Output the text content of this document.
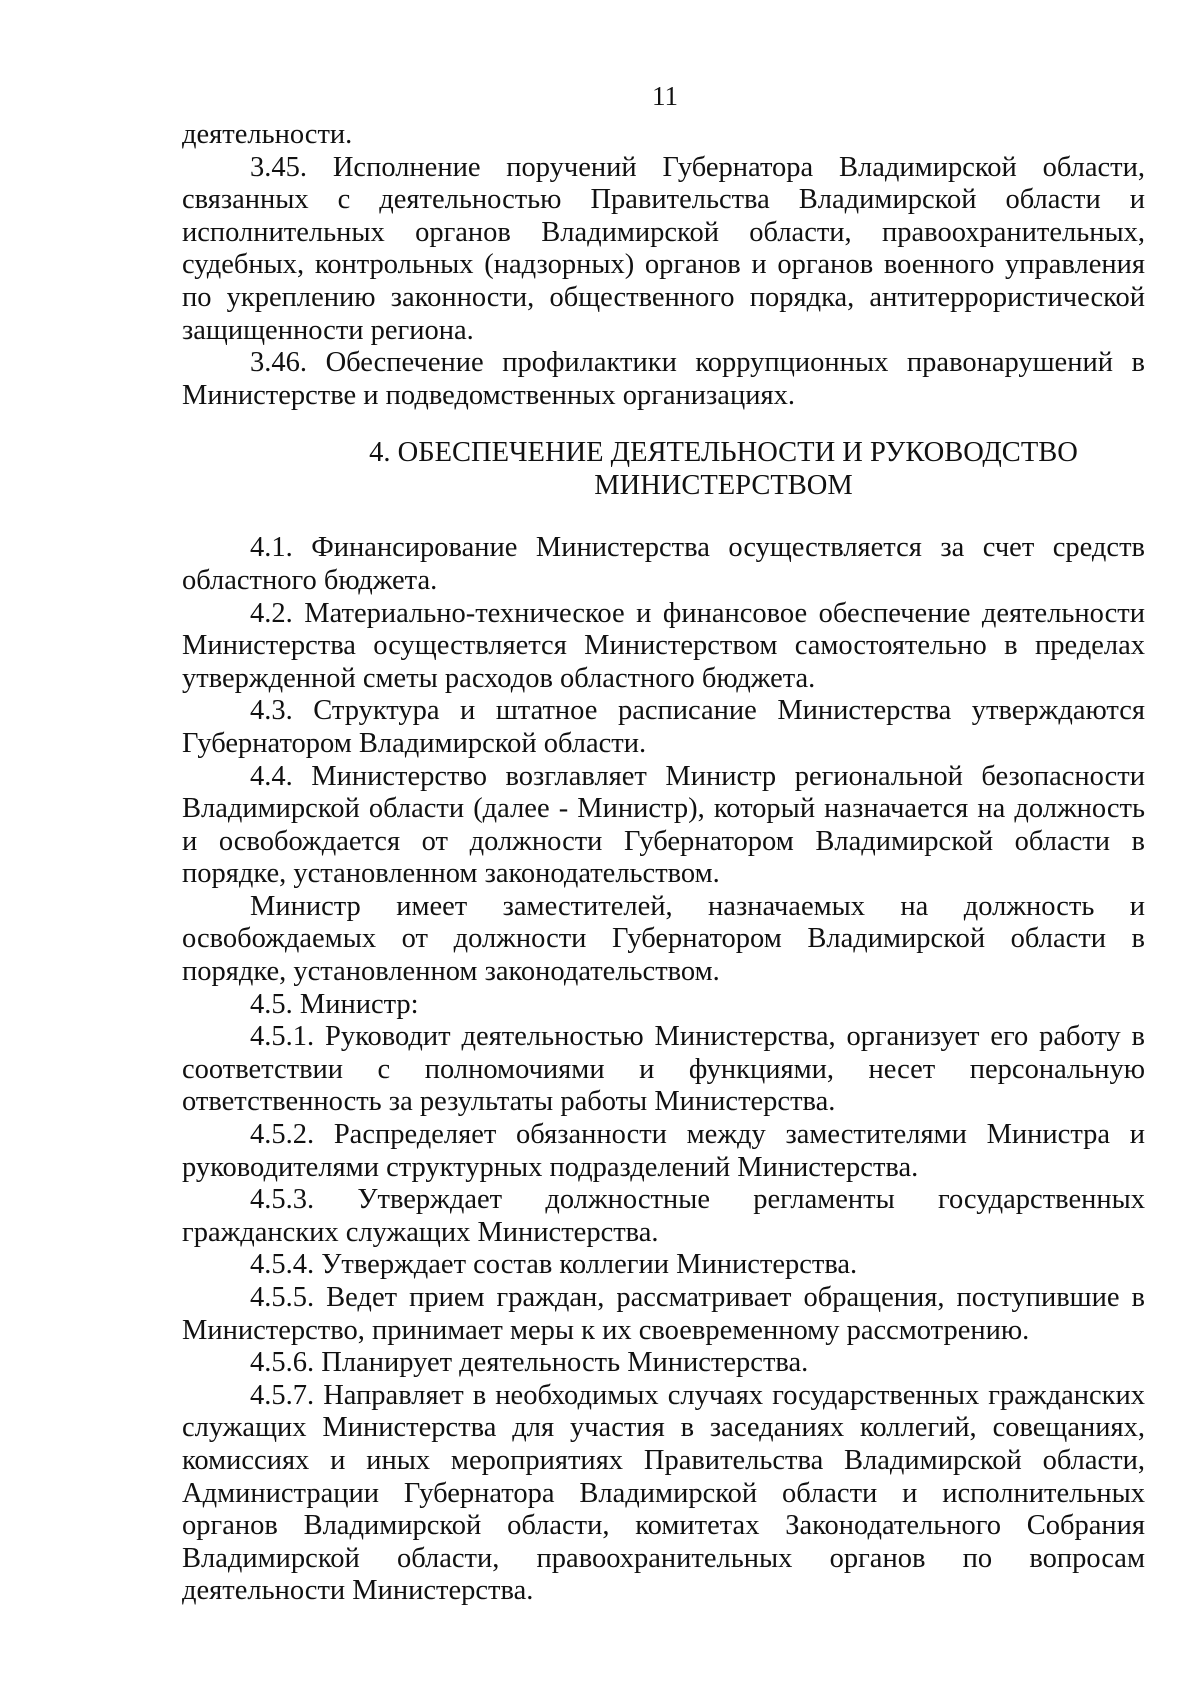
11

деятельности.

3.45. Исполнение поручений Губернатора Владимирской области, связанных с деятельностью Правительства Владимирской области и исполнительных органов Владимирской области, правоохранительных, судебных, контрольных (надзорных) органов и органов военного управления по укреплению законности, общественного порядка, антитеррористической защищенности региона.

3.46. Обеспечение профилактики коррупционных правонарушений в Министерстве и подведомственных организациях.

4. ОБЕСПЕЧЕНИЕ ДЕЯТЕЛЬНОСТИ И РУКОВОДСТВО

МИНИСТЕРСТВОМ

4.1. Финансирование Министерства осуществляется за счет средств областного бюджета.

4.2. Материально-техническое и финансовое обеспечение деятельности Министерства осуществляется Министерством самостоятельно в пределах утвержденной сметы расходов областного бюджета.

4.3. Структура и штатное расписание Министерства утверждаются Губернатором Владимирской области.

4.4. Министерство возглавляет Министр региональной безопасности Владимирской области (далее - Министр), который назначается на должность и освобождается от должности Губернатором Владимирской области в порядке, установленном законодательством.

Министр имеет заместителей, назначаемых на должность и освобождаемых от должности Губернатором Владимирской области в порядке, установленном законодательством.

4.5. Министр:

4.5.1. Руководит деятельностью Министерства, организует его работу в соответствии с полномочиями и функциями, несет персональную ответственность за результаты работы Министерства.

4.5.2. Распределяет обязанности между заместителями Министра и руководителями структурных подразделений Министерства.

4.5.3. Утверждает должностные регламенты государственных гражданских служащих Министерства.

4.5.4. Утверждает состав коллегии Министерства.

4.5.5. Ведет прием граждан, рассматривает обращения, поступившие в Министерство, принимает меры к их своевременному рассмотрению.

4.5.6. Планирует деятельность Министерства.

4.5.7. Направляет в необходимых случаях государственных гражданских служащих Министерства для участия в заседаниях коллегий, совещаниях, комиссиях и иных мероприятиях Правительства Владимирской области, Администрации Губернатора Владимирской области и исполнительных органов Владимирской области, комитетах Законодательного Собрания Владимирской области, правоохранительных органов по вопросам деятельности Министерства.
